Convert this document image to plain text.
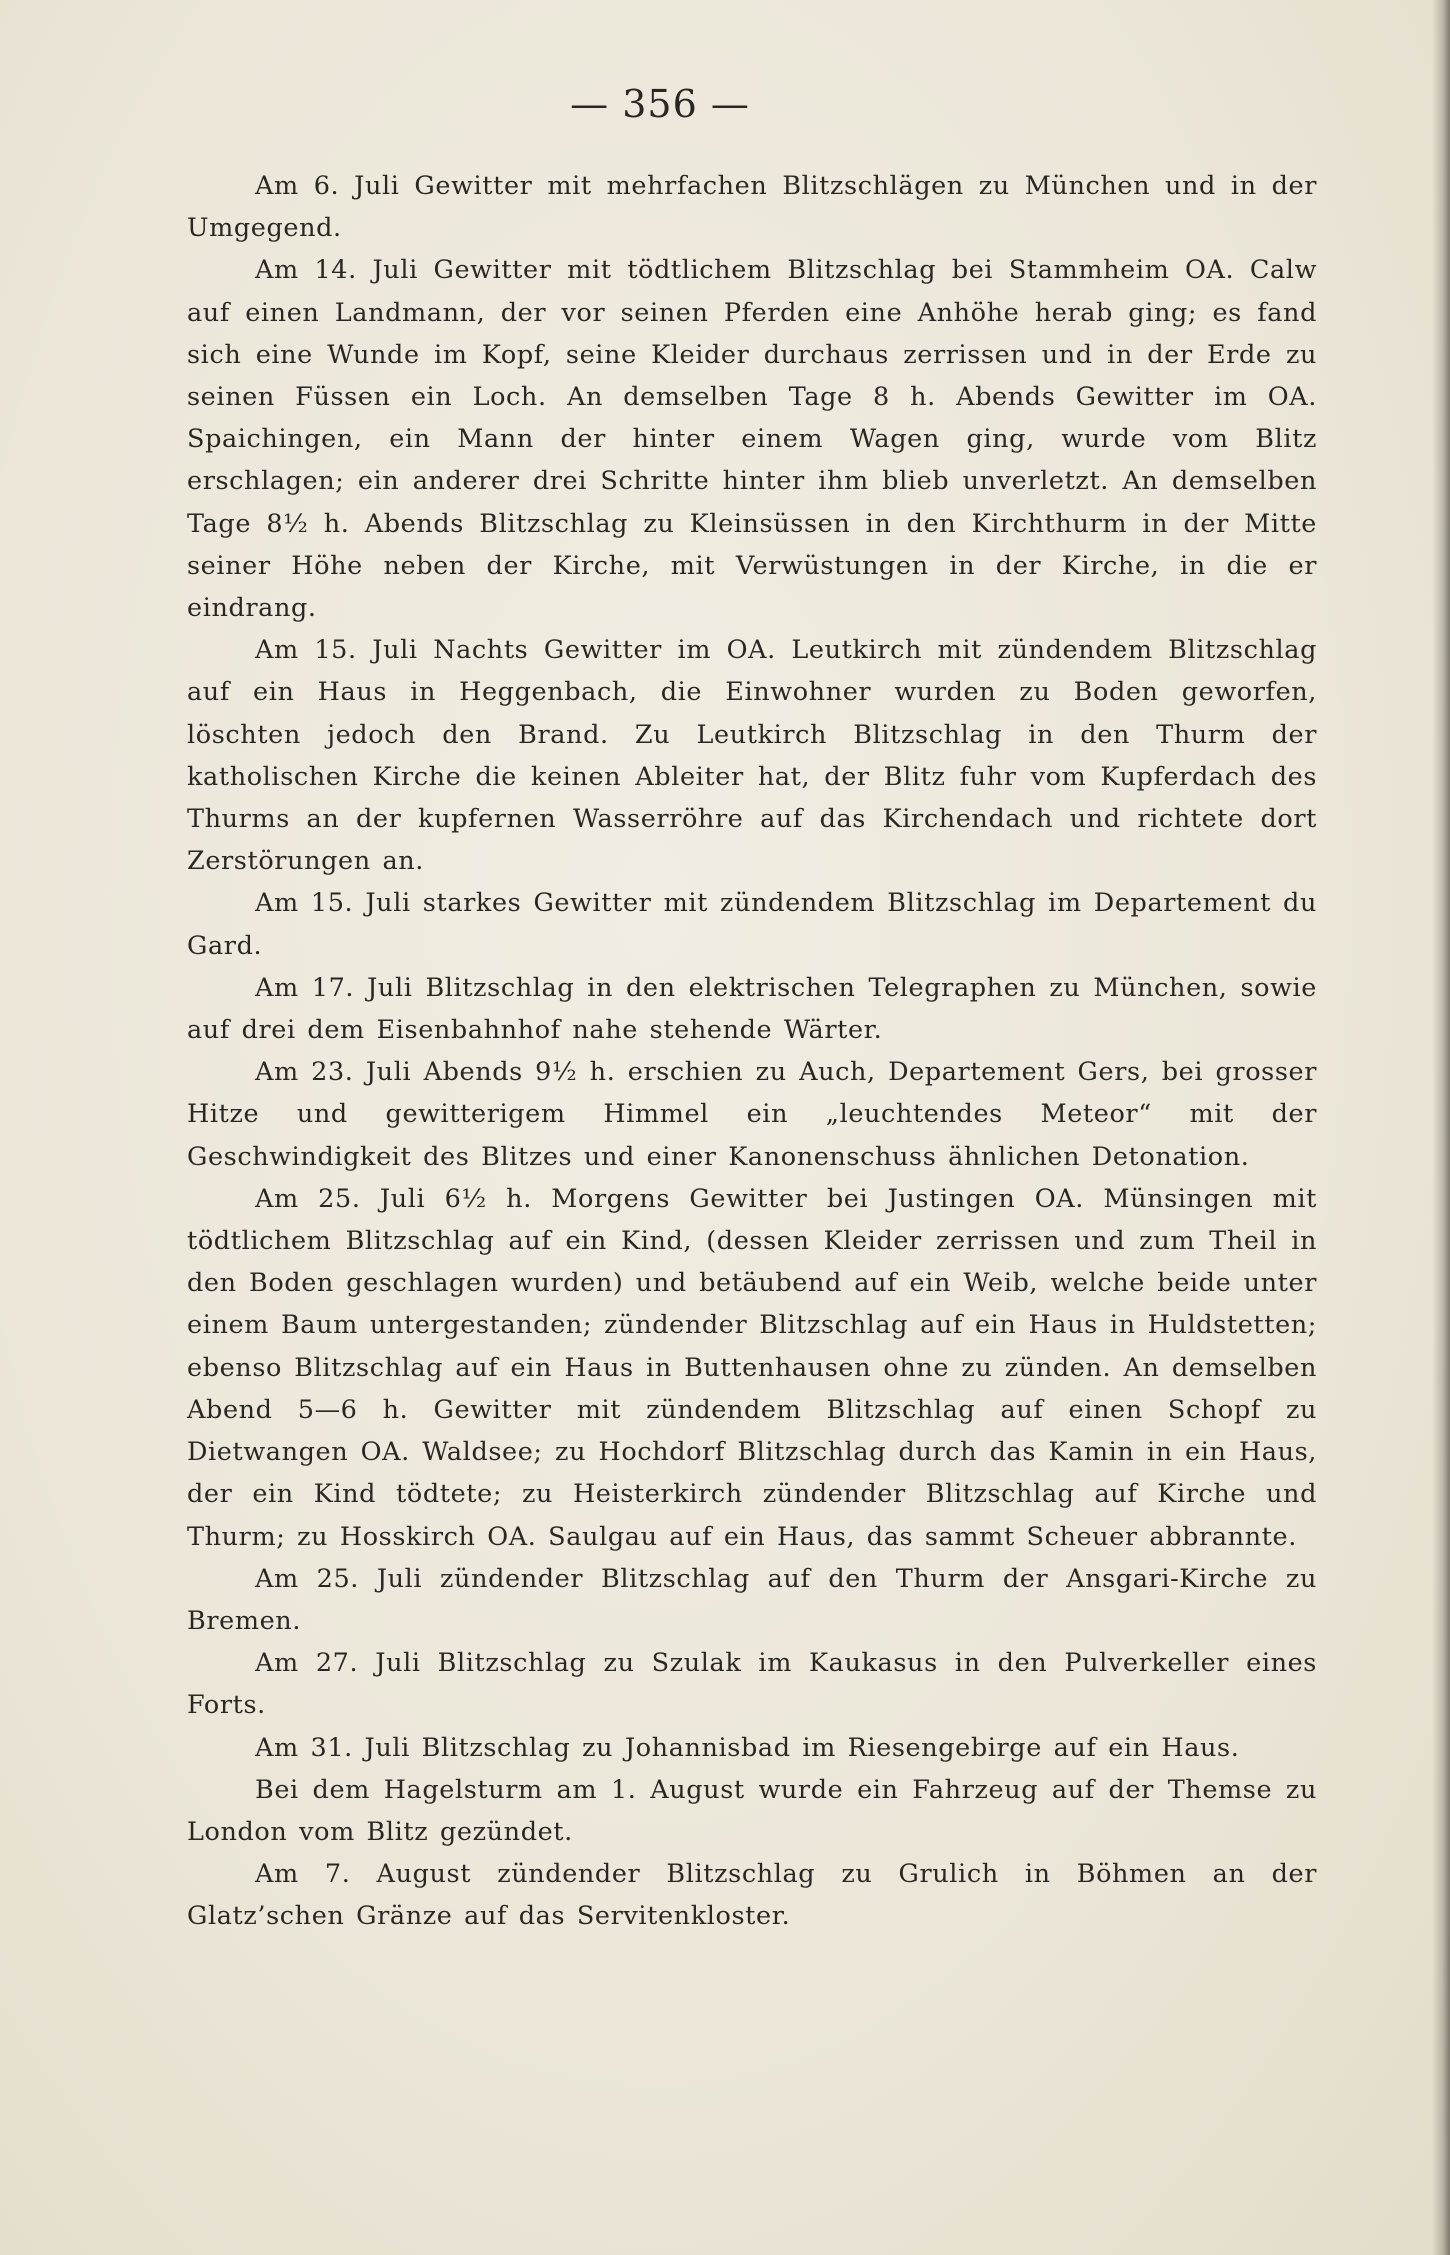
— 356 —

Am 6. Juli Gewitter mit mehrfachen Blitzschlägen zu München und in der Umgegend.

Am 14. Juli Gewitter mit tödtlichem Blitzschlag bei Stammheim OA. Calw auf einen Landmann, der vor seinen Pferden eine Anhöhe herab ging; es fand sich eine Wunde im Kopf, seine Kleider durchaus zerrissen und in der Erde zu seinen Füssen ein Loch. An demselben Tage 8 h. Abends Gewitter im OA. Spaichingen, ein Mann der hinter einem Wagen ging, wurde vom Blitz erschlagen; ein anderer drei Schritte hinter ihm blieb unverletzt. An demselben Tage 8½ h. Abends Blitzschlag zu Kleinsüssen in den Kirchthurm in der Mitte seiner Höhe neben der Kirche, mit Verwüstungen in der Kirche, in die er eindrang.

Am 15. Juli Nachts Gewitter im OA. Leutkirch mit zündendem Blitzschlag auf ein Haus in Heggenbach, die Einwohner wurden zu Boden geworfen, löschten jedoch den Brand. Zu Leutkirch Blitzschlag in den Thurm der katholischen Kirche die keinen Ableiter hat, der Blitz fuhr vom Kupferdach des Thurms an der kupfernen Wasserröhre auf das Kirchendach und richtete dort Zerstörungen an.

Am 15. Juli starkes Gewitter mit zündendem Blitzschlag im Departement du Gard.

Am 17. Juli Blitzschlag in den elektrischen Telegraphen zu München, sowie auf drei dem Eisenbahnhof nahe stehende Wärter.

Am 23. Juli Abends 9½ h. erschien zu Auch, Departement Gers, bei grosser Hitze und gewitterigem Himmel ein „leuchtendes Meteor“ mit der Geschwindigkeit des Blitzes und einer Kanonenschuss ähnlichen Detonation.

Am 25. Juli 6½ h. Morgens Gewitter bei Justingen OA. Münsingen mit tödtlichem Blitzschlag auf ein Kind, (dessen Kleider zerrissen und zum Theil in den Boden geschlagen wurden) und betäubend auf ein Weib, welche beide unter einem Baum untergestanden; zündender Blitzschlag auf ein Haus in Huldstetten; ebenso Blitzschlag auf ein Haus in Buttenhausen ohne zu zünden. An demselben Abend 5—6 h. Gewitter mit zündendem Blitzschlag auf einen Schopf zu Dietwangen OA. Waldsee; zu Hochdorf Blitzschlag durch das Kamin in ein Haus, der ein Kind tödtete; zu Heisterkirch zündender Blitzschlag auf Kirche und Thurm; zu Hosskirch OA. Saulgau auf ein Haus, das sammt Scheuer abbrannte.

Am 25. Juli zündender Blitzschlag auf den Thurm der Ansgari-Kirche zu Bremen.

Am 27. Juli Blitzschlag zu Szulak im Kaukasus in den Pulverkeller eines Forts.

Am 31. Juli Blitzschlag zu Johannisbad im Riesengebirge auf ein Haus.

Bei dem Hagelsturm am 1. August wurde ein Fahrzeug auf der Themse zu London vom Blitz gezündet.

Am 7. August zündender Blitzschlag zu Grulich in Böhmen an der Glatz’schen Gränze auf das Servitenkloster.
